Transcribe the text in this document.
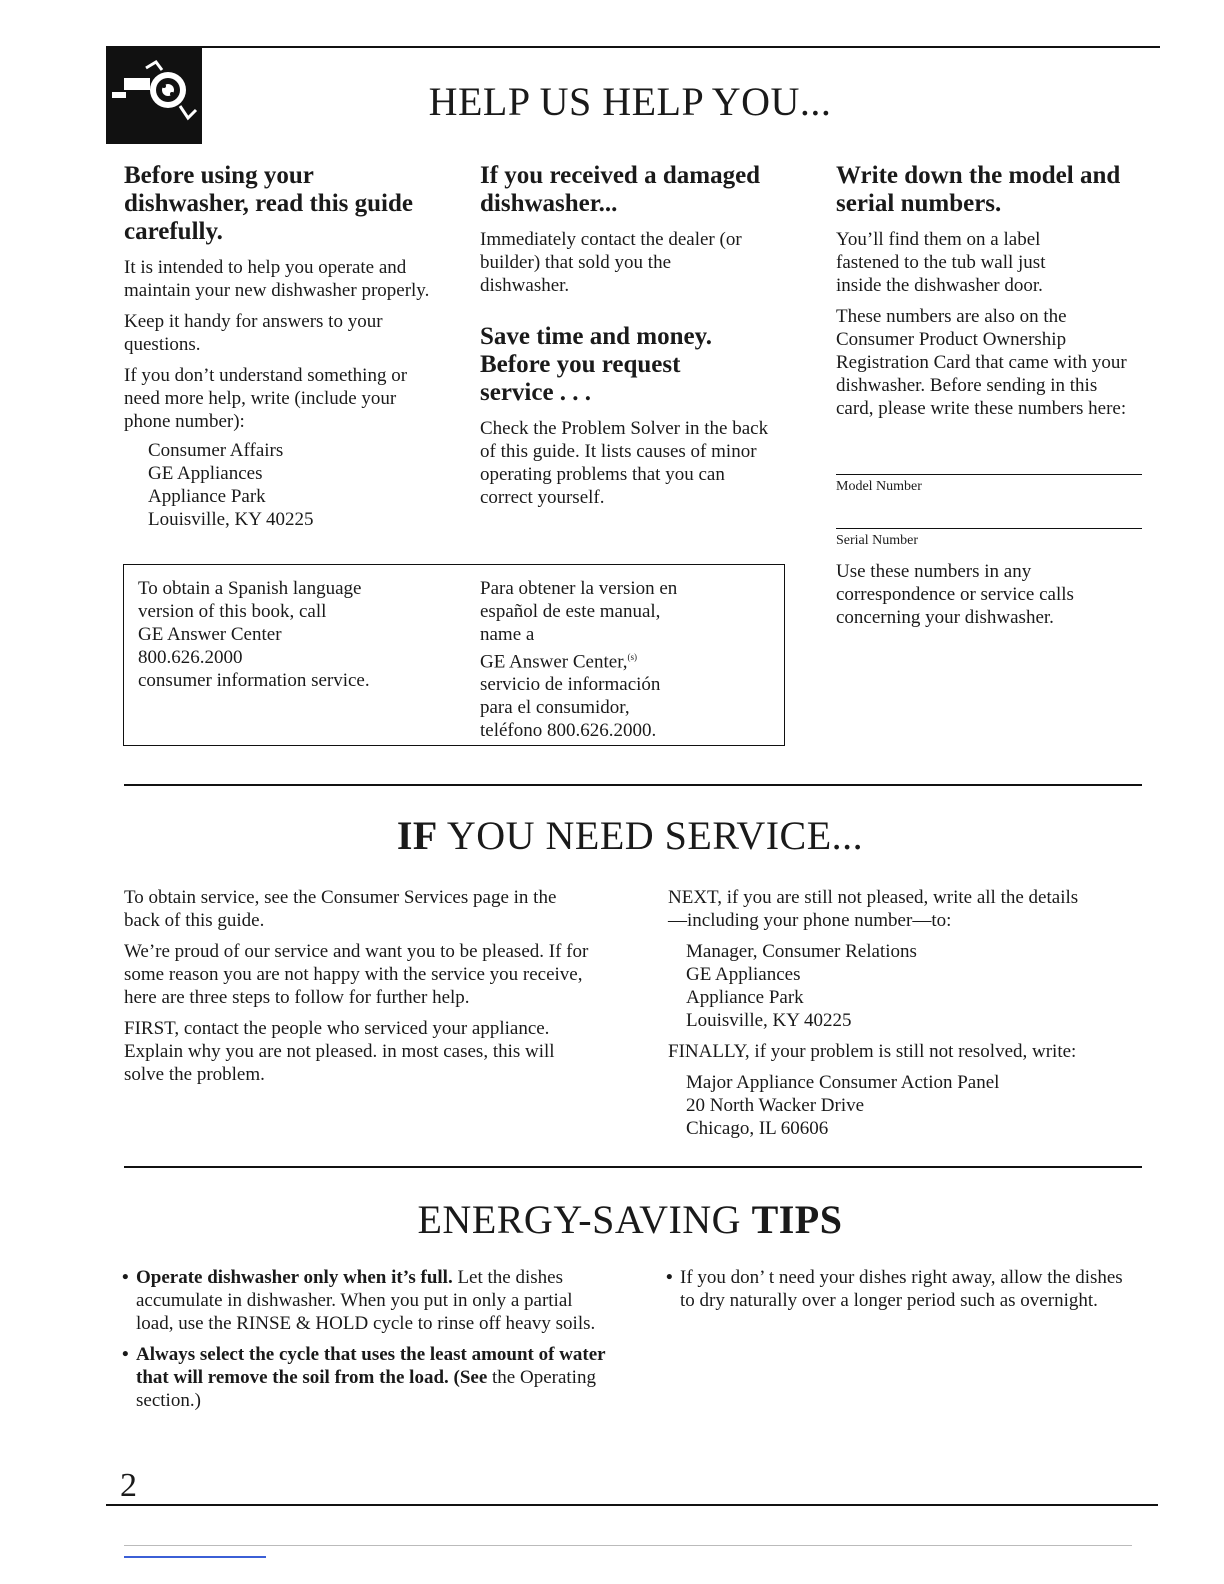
HELP US HELP YOU...
Before using your dishwasher, read this guide carefully.

It is intended to help you operate and maintain your new dishwasher properly.

Keep it handy for answers to your questions.

If you don’t understand something or need more help, write (include your phone number):

Consumer Affairs
GE Appliances
Appliance Park
Louisville, KY 40225
If you received a damaged dishwasher...

Immediately contact the dealer (or builder) that sold you the dishwasher.

Save time and money. Before you request service . . .

Check the Problem Solver in the back of this guide. It lists causes of minor operating problems that you can correct yourself.

Write down the model and serial numbers.

You’ll find them on a label fastened to the tub wall just inside the dishwasher door.

These numbers are also on the Consumer Product Ownership Registration Card that came with your dishwasher. Before sending in this card, please write these numbers here:

Model Number
Serial Number

Use these numbers in any correspondence or service calls concerning your dishwasher.

To obtain a Spanish language
version of this book, call
GE Answer Center
800.626.2000
consumer information service.
Para obtener la version en
español de este manual,
name a
GE Answer Center,$^{(s)}$
servicio de información
para el consumidor,
teléfono 800.626.2000.
IF YOU NEED SERVICE...

To obtain service, see the Consumer Services page in the back of this guide.

We’re proud of our service and want you to be pleased. If for some reason you are not happy with the service you receive, here are three steps to follow for further help.

FIRST, contact the people who serviced your appliance. Explain why you are not pleased. in most cases, this will solve the problem.

NEXT, if you are still not pleased, write all the details—including your phone number—to:

Manager, Consumer Relations
GE Appliances
Appliance Park
Louisville, KY 40225

FINALLY, if your problem is still not resolved, write:

Major Appliance Consumer Action Panel
20 North Wacker Drive
Chicago, IL 60606
ENERGY-SAVING TIPS

• Operate dishwasher only when it’s full. Let the dishes accumulate in dishwasher. When you put in only a partial load, use the RINSE & HOLD cycle to rinse off heavy soils.

• Always select the cycle that uses the least amount of water that will remove the soil from the load. (See the Operating section.)

• If you don’ t need your dishes right away, allow the dishes to dry naturally over a longer period such as overnight.

2
